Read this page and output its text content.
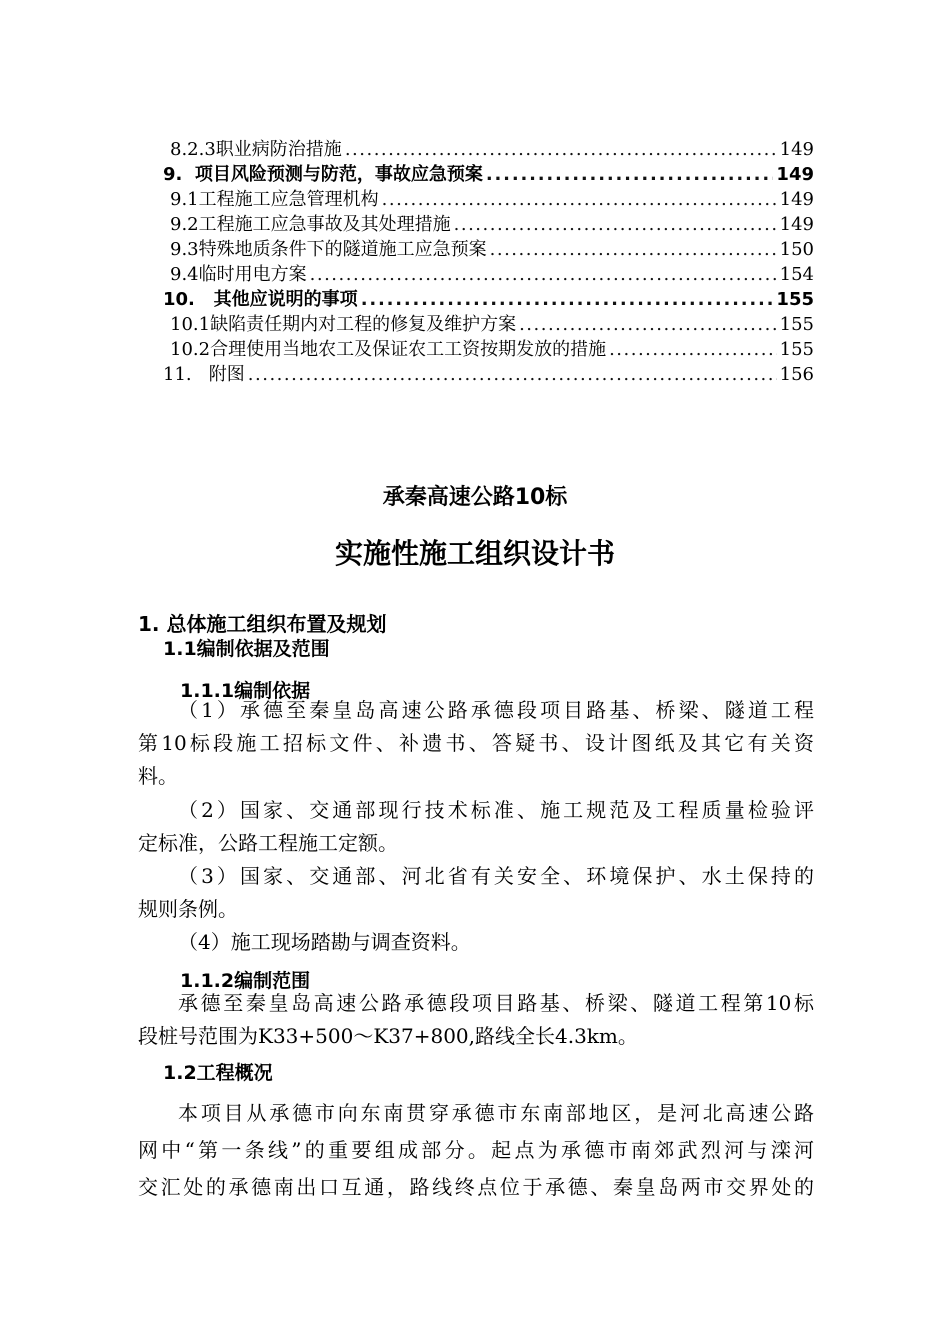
8.2.3职业病防治措施 .....	149
9.  项目风险预测与防范，事故应急预案 .....	149
9.1工程施工应急管理机构 .....	149
9.2工程施工应急事故及其处理措施 .....	149
9.3特殊地质条件下的隧道施工应急预案 .....	150
9.4临时用电方案 .....	154
10.   其他应说明的事项 .....	155
10.1缺陷责任期内对工程的修复及维护方案 .....	155
10.2合理使用当地农工及保证农工工资按期发放的措施 .....	155
11.   附图 .....	156
承秦高速公路10标
实施性施工组织设计书
1. 总体施工组织布置及规划
1.1编制依据及范围
1.1.1编制依据
（1）承德至秦皇岛高速公路承德段项目路基、桥梁、隧道工程
第10标段施工招标文件、补遗书、答疑书、设计图纸及其它有关资
料。
（2）国家、交通部现行技术标准、施工规范及工程质量检验评
定标准，公路工程施工定额。
（3）国家、交通部、河北省有关安全、环境保护、水土保持的
规则条例。
（4）施工现场踏勘与调查资料。
1.1.2编制范围
承德至秦皇岛高速公路承德段项目路基、桥梁、隧道工程第10标
段桩号范围为K33+500～K37+800,路线全长4.3km。
1.2工程概况
本项目从承德市向东南贯穿承德市东南部地区，是河北高速公路
网中“第一条线”的重要组成部分。起点为承德市南郊武烈河与滦河
交汇处的承德南出口互通，路线终点位于承德、秦皇岛两市交界处的
